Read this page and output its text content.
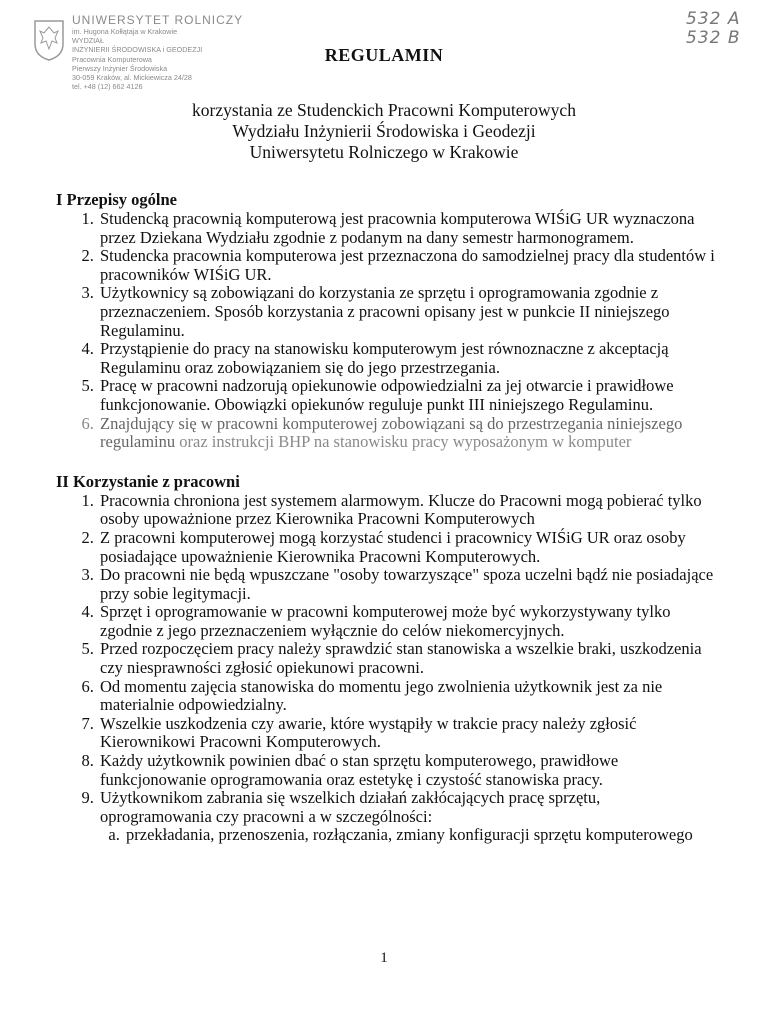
UNIWERSYTET ROLNICZY
im. Hugona Kołłątaja w Krakowie
WYDZIAŁ
INŻYNIERII ŚRODOWISKA i GEODEZJI
Pracownia Komputerowa
Pierwszy Inżynier Środowiska
30-059 Kraków, al. Mickiewicza 24/28
tel. +48 (12) 662 4126
532 A
532 B
REGULAMIN
korzystania ze Studenckich Pracowni Komputerowych
Wydziału Inżynierii Środowiska i Geodezji
Uniwersytetu Rolniczego w Krakowie
I Przepisy ogólne
1. Studencką pracownią komputerową jest pracownia komputerowa WIŚiG UR wyznaczona przez Dziekana Wydziału zgodnie z podanym na dany semestr harmonogramem.
2. Studencka pracownia komputerowa jest przeznaczona do samodzielnej pracy dla studentów i pracowników WIŚiG UR.
3. Użytkownicy są zobowiązani do korzystania ze sprzętu i oprogramowania zgodnie z przeznaczeniem. Sposób korzystania z pracowni opisany jest w punkcie II niniejszego Regulaminu.
4. Przystąpienie do pracy na stanowisku komputerowym jest równoznaczne z akceptacją Regulaminu oraz zobowiązaniem się do jego przestrzegania.
5. Pracę w pracowni nadzorują opiekunowie odpowiedzialni za jej otwarcie i prawidłowe funkcjonowanie. Obowiązki opiekunów reguluje punkt III niniejszego Regulaminu.
6. Znajdujący się w pracowni komputerowej zobowiązani są do przestrzegania niniejszego regulaminu oraz instrukcji BHP na stanowisku pracy wyposażonym w komputer
II Korzystanie z pracowni
1. Pracownia chroniona jest systemem alarmowym. Klucze do Pracowni mogą pobierać tylko osoby upoważnione przez Kierownika Pracowni Komputerowych
2. Z pracowni komputerowej mogą korzystać studenci i pracownicy WIŚiG UR oraz osoby posiadające upoważnienie Kierownika Pracowni Komputerowych.
3. Do pracowni nie będą wpuszczane "osoby towarzyszące" spoza uczelni bądź nie posiadające przy sobie legitymacji.
4. Sprzęt i oprogramowanie w pracowni komputerowej może być wykorzystywany tylko zgodnie z jego przeznaczeniem wyłącznie do celów niekomercyjnych.
5. Przed rozpoczęciem pracy należy sprawdzić stan stanowiska a wszelkie braki, uszkodzenia czy niesprawności zgłosić opiekunowi pracowni.
6. Od momentu zajęcia stanowiska do momentu jego zwolnienia użytkownik jest za nie materialnie odpowiedzialny.
7. Wszelkie uszkodzenia czy awarie, które wystąpiły w trakcie pracy należy zgłosić Kierownikowi Pracowni Komputerowych.
8. Każdy użytkownik powinien dbać o stan sprzętu komputerowego, prawidłowe funkcjonowanie oprogramowania oraz estetykę i czystość stanowiska pracy.
9. Użytkownikom zabrania się wszelkich działań zakłócających pracę sprzętu, oprogramowania czy pracowni a w szczególności:
a. przekładania, przenoszenia, rozłączania, zmiany konfiguracji sprzętu komputerowego
1
